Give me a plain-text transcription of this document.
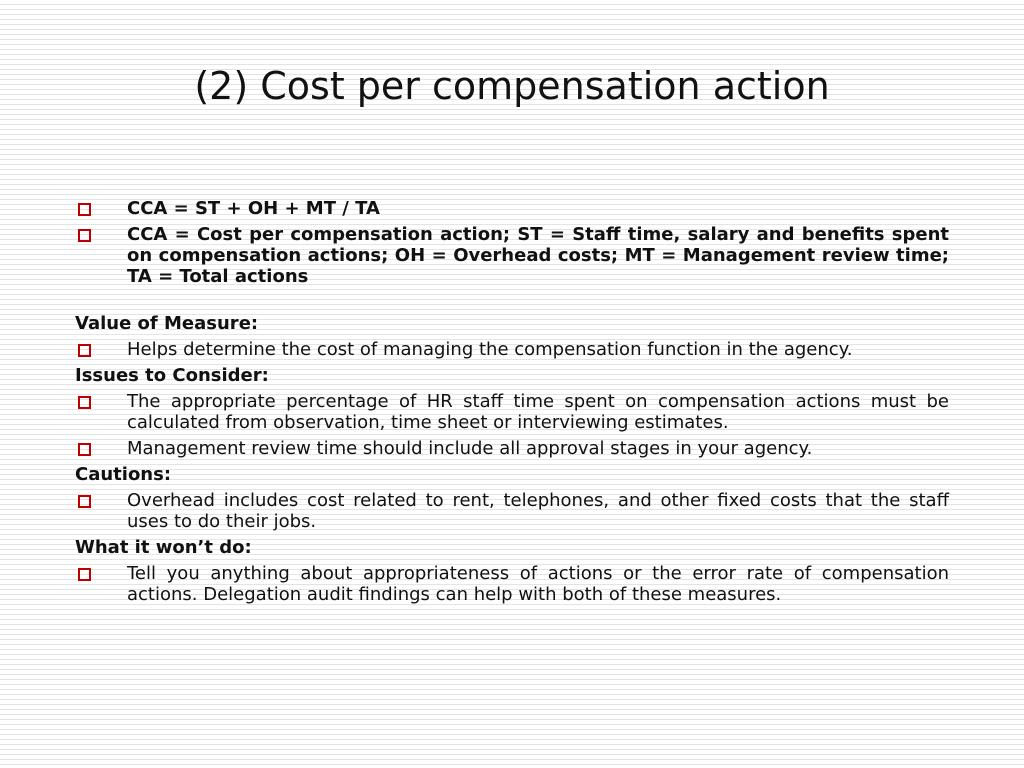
(2) Cost per compensation action
CCA = ST + OH + MT / TA
CCA = Cost per compensation action; ST = Staff time, salary and benefits spent on compensation actions; OH = Overhead costs; MT = Management review time; TA = Total actions
Value of Measure:
Helps determine the cost of managing the compensation function in the agency.
Issues to Consider:
The appropriate percentage of HR staff time spent on compensation actions must be calculated from observation, time sheet or interviewing estimates.
Management review time should include all approval stages in your agency.
Cautions:
Overhead includes cost related to rent, telephones, and other fixed costs that the staff uses to do their jobs.
What it won’t do:
Tell you anything about appropriateness of actions or the error rate of compensation actions. Delegation audit findings can help with both of these measures.
